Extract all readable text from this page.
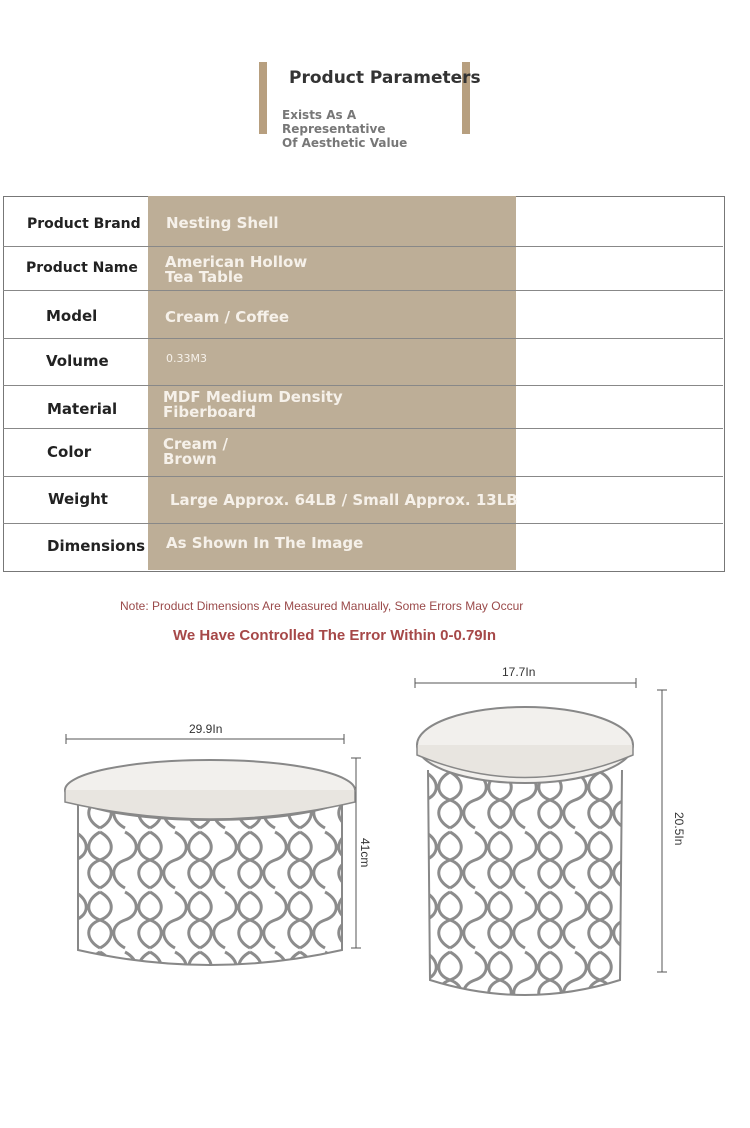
Product Parameters
Exists As A Representative
Of Aesthetic Value
Product Brand
Product Name
Model
Volume
Material
Color
Weight
Dimensions
Nesting Shell
American Hollow
Tea Table
Cream / Coffee
0.33M3
MDF Medium Density
Fiberboard
Cream /
Brown
Large Approx. 64LB / Small Approx. 13LB
As Shown In The Image
Note: Product Dimensions Are Measured Manually, Some Errors May Occur
We Have Controlled The Error Within 0-0.79In
29.9In
41cm
17.7In
20.5In
